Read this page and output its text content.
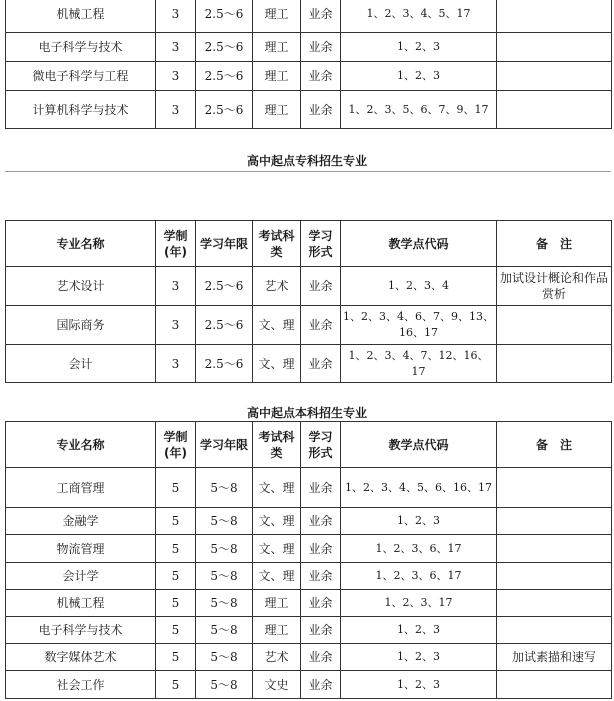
机械工程	3	2.5～6	理工	业余	1、2、3、4、5、17	
电子科学与技术	3	2.5～6	理工	业余	1、2、3	
微电子科学与工程	3	2.5～6	理工	业余	1、2、3	
计算机科学与技术	3	2.5～6	理工	业余	1、2、3、5、6、7、9、17	
高中起点专科招生专业
专业名称	学制(年)	学习年限	考试科类	学习形式	教学点代码	备　注
艺术设计	3	2.5～6	艺术	业余	1、2、3、4	加试设计概论和作品赏析
国际商务	3	2.5～6	文、理	业余	1、2、3、4、6、7、9、13、16、17	
会计	3	2.5～6	文、理	业余	1、2、3、4、7、12、16、17	
高中起点本科招生专业
专业名称	学制(年)	学习年限	考试科类	学习形式	教学点代码	备　注
工商管理	5	5～8	文、理	业余	1、2、3、4、5、6、16、17	
金融学	5	5～8	文、理	业余	1、2、3	
物流管理	5	5～8	文、理	业余	1、2、3、6、17	
会计学	5	5～8	文、理	业余	1、2、3、6、17	
机械工程	5	5～8	理工	业余	1、2、3、17	
电子科学与技术	5	5～8	理工	业余	1、2、3	
数字媒体艺术	5	5～8	艺术	业余	1、2、3	加试素描和速写
社会工作	5	5～8	文史	业余	1、2、3	
